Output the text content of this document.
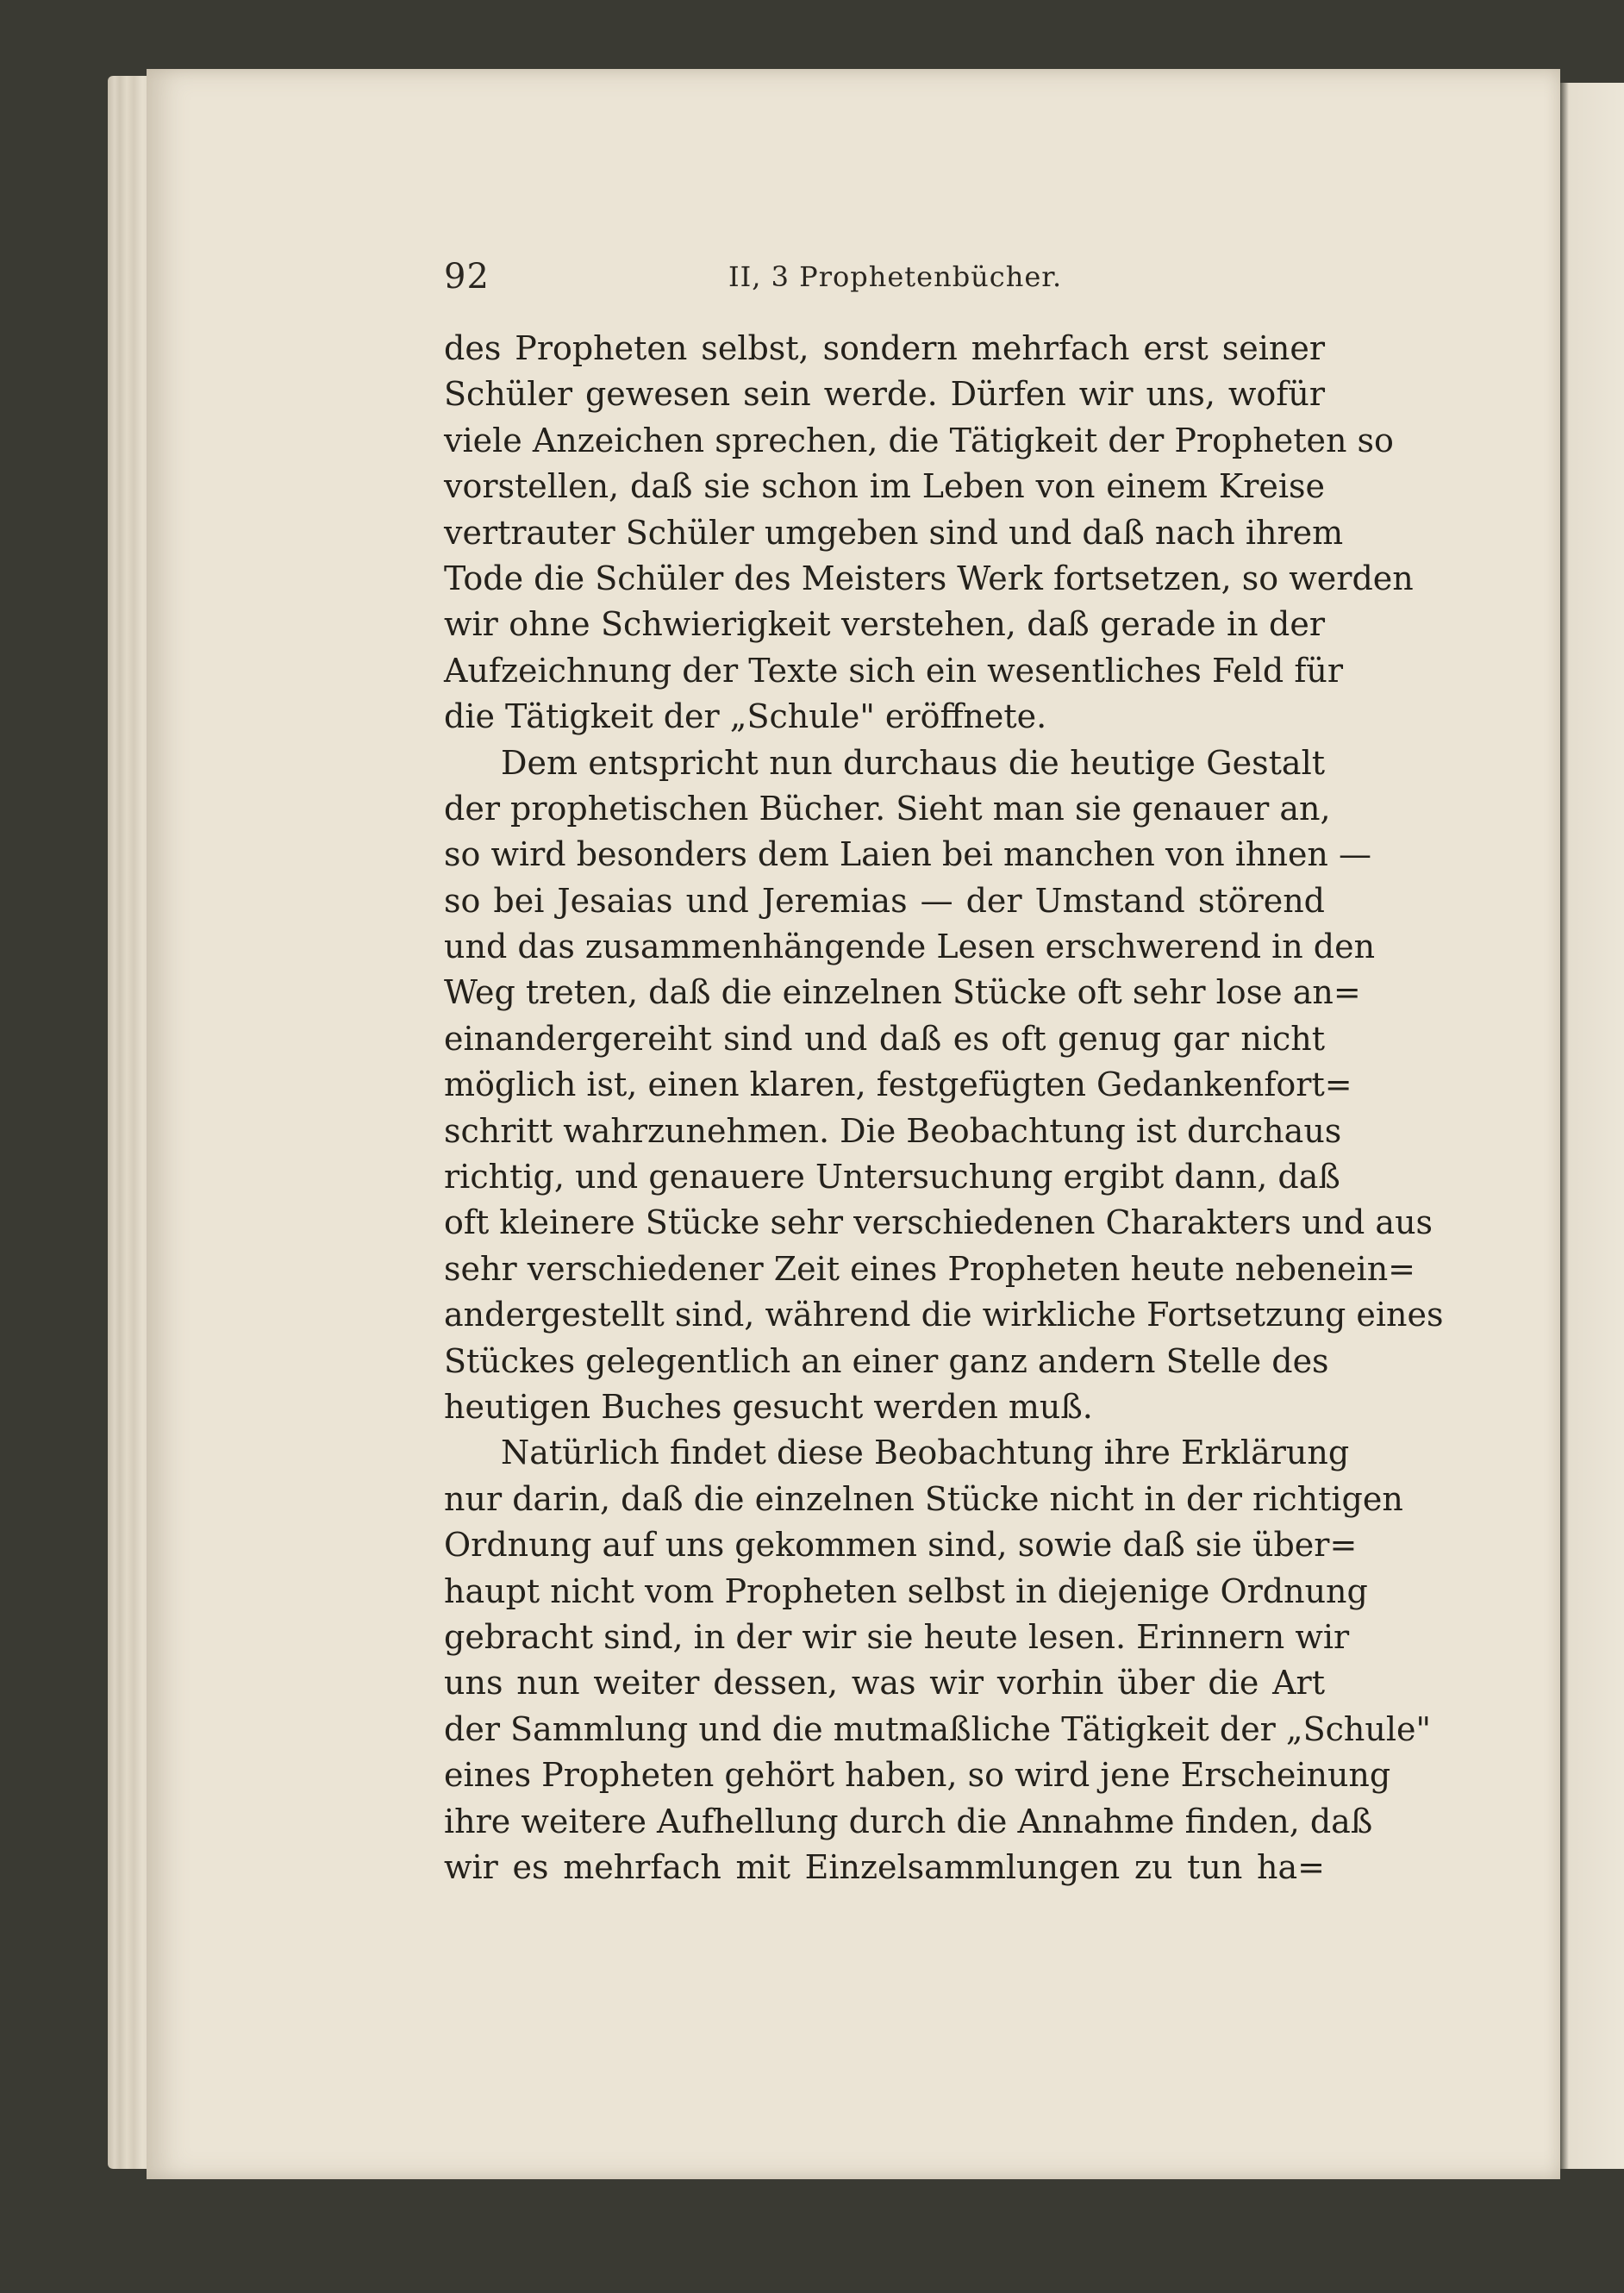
92	II, 3 Prophetenbücher.
des Propheten selbst, sondern mehrfach erst seiner
Schüler gewesen sein werde. Dürfen wir uns, wofür
viele Anzeichen sprechen, die Tätigkeit der Propheten so
vorstellen, daß sie schon im Leben von einem Kreise
vertrauter Schüler umgeben sind und daß nach ihrem
Tode die Schüler des Meisters Werk fortsetzen, so werden
wir ohne Schwierigkeit verstehen, daß gerade in der
Aufzeichnung der Texte sich ein wesentliches Feld für
die Tätigkeit der „Schule" eröffnete.
Dem entspricht nun durchaus die heutige Gestalt
der prophetischen Bücher. Sieht man sie genauer an,
so wird besonders dem Laien bei manchen von ihnen —
so bei Jesaias und Jeremias — der Umstand störend
und das zusammenhängende Lesen erschwerend in den
Weg treten, daß die einzelnen Stücke oft sehr lose an=
einandergereiht sind und daß es oft genug gar nicht
möglich ist, einen klaren, festgefügten Gedankenfort=
schritt wahrzunehmen. Die Beobachtung ist durchaus
richtig, und genauere Untersuchung ergibt dann, daß
oft kleinere Stücke sehr verschiedenen Charakters und aus
sehr verschiedener Zeit eines Propheten heute nebenein=
andergestellt sind, während die wirkliche Fortsetzung eines
Stückes gelegentlich an einer ganz andern Stelle des
heutigen Buches gesucht werden muß.
Natürlich findet diese Beobachtung ihre Erklärung
nur darin, daß die einzelnen Stücke nicht in der richtigen
Ordnung auf uns gekommen sind, sowie daß sie über=
haupt nicht vom Propheten selbst in diejenige Ordnung
gebracht sind, in der wir sie heute lesen. Erinnern wir
uns nun weiter dessen, was wir vorhin über die Art
der Sammlung und die mutmaßliche Tätigkeit der „Schule"
eines Propheten gehört haben, so wird jene Erscheinung
ihre weitere Aufhellung durch die Annahme finden, daß
wir es mehrfach mit Einzelsammlungen zu tun ha=
